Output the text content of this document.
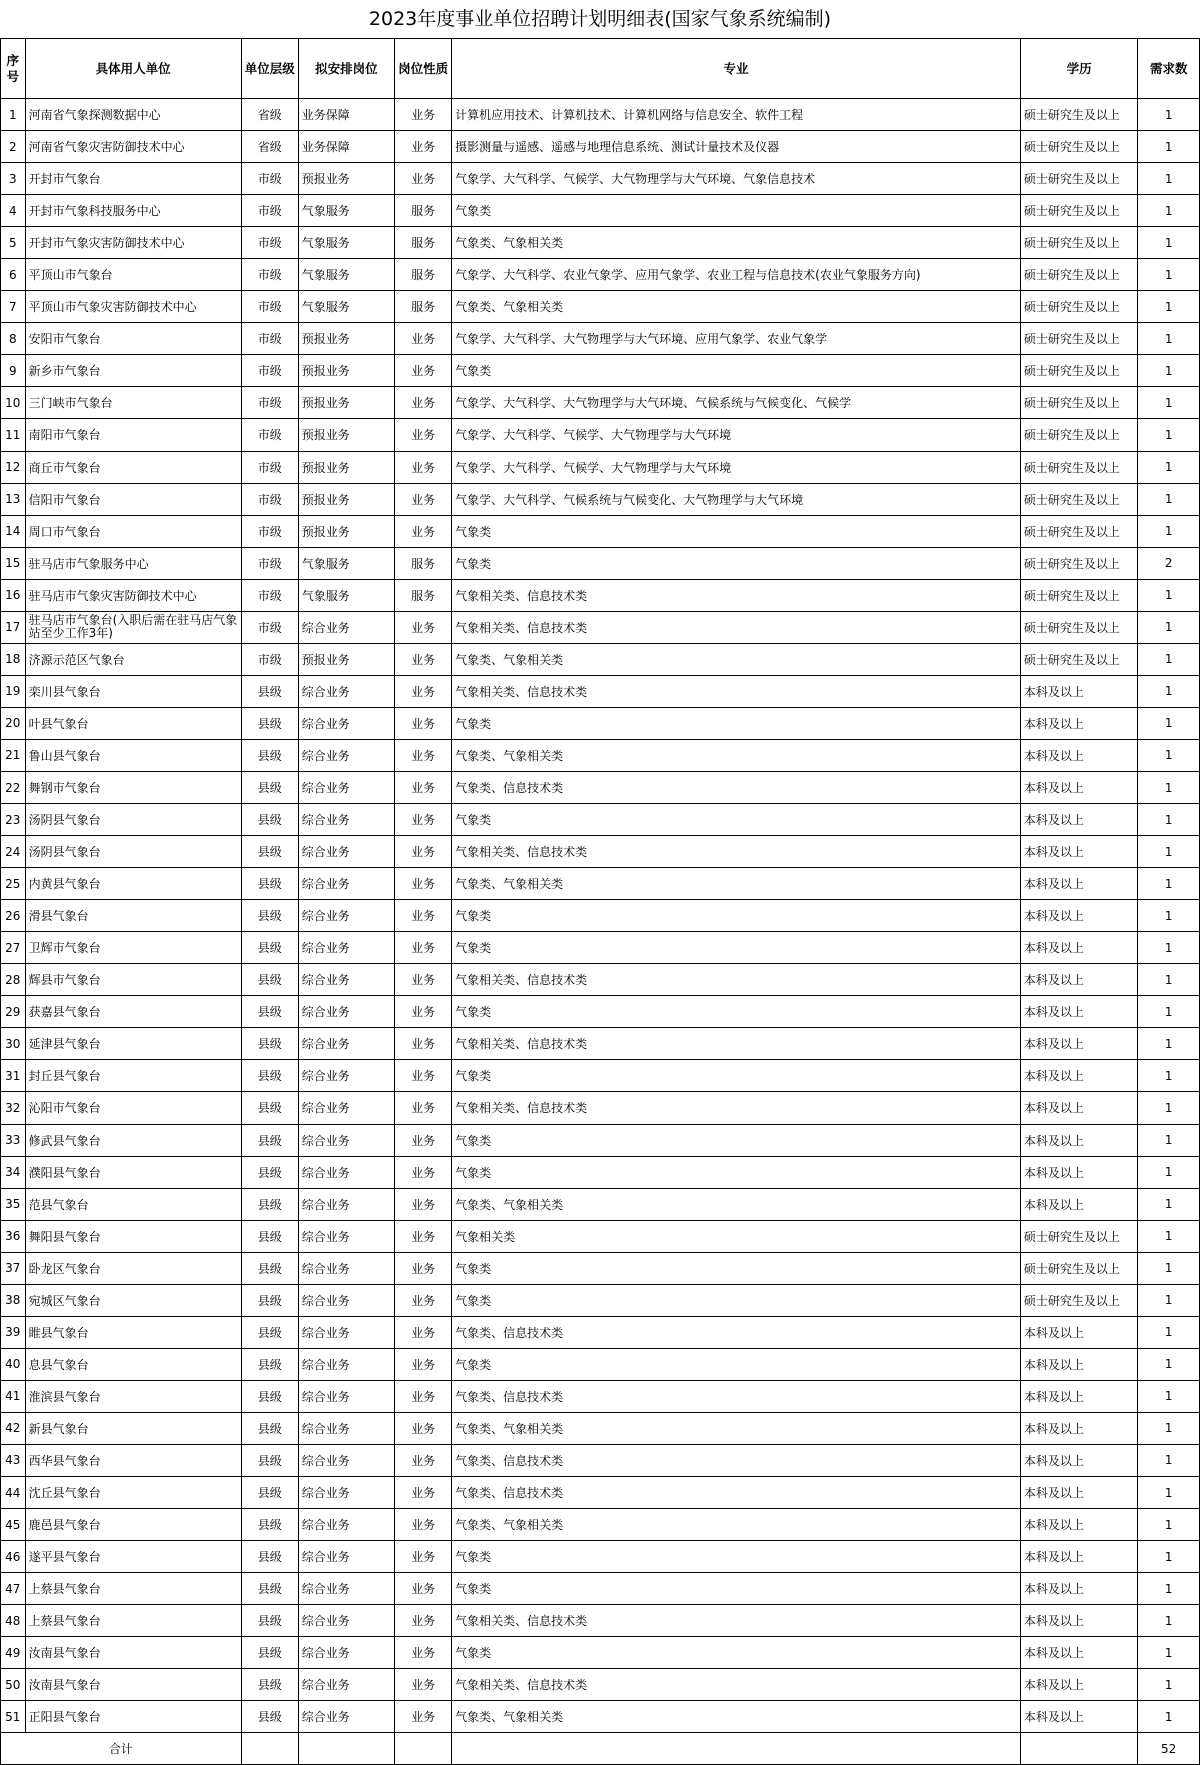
2023年度事业单位招聘计划明细表(国家气象系统编制)
序号	具体用人单位	单位层级	拟安排岗位	岗位性质	专业	学历	需求数
1	河南省气象探测数据中心	省级	业务保障	业务	计算机应用技术、计算机技术、计算机网络与信息安全、软件工程	硕士研究生及以上	1
2	河南省气象灾害防御技术中心	省级	业务保障	业务	摄影测量与遥感、遥感与地理信息系统、测试计量技术及仪器	硕士研究生及以上	1
3	开封市气象台	市级	预报业务	业务	气象学、大气科学、气候学、大气物理学与大气环境、气象信息技术	硕士研究生及以上	1
4	开封市气象科技服务中心	市级	气象服务	服务	气象类	硕士研究生及以上	1
5	开封市气象灾害防御技术中心	市级	气象服务	服务	气象类、气象相关类	硕士研究生及以上	1
6	平顶山市气象台	市级	气象服务	服务	气象学、大气科学、农业气象学、应用气象学、农业工程与信息技术(农业气象服务方向)	硕士研究生及以上	1
7	平顶山市气象灾害防御技术中心	市级	气象服务	服务	气象类、气象相关类	硕士研究生及以上	1
8	安阳市气象台	市级	预报业务	业务	气象学、大气科学、大气物理学与大气环境、应用气象学、农业气象学	硕士研究生及以上	1
9	新乡市气象台	市级	预报业务	业务	气象类	硕士研究生及以上	1
10	三门峡市气象台	市级	预报业务	业务	气象学、大气科学、大气物理学与大气环境、气候系统与气候变化、气候学	硕士研究生及以上	1
11	南阳市气象台	市级	预报业务	业务	气象学、大气科学、气候学、大气物理学与大气环境	硕士研究生及以上	1
12	商丘市气象台	市级	预报业务	业务	气象学、大气科学、气候学、大气物理学与大气环境	硕士研究生及以上	1
13	信阳市气象台	市级	预报业务	业务	气象学、大气科学、气候系统与气候变化、大气物理学与大气环境	硕士研究生及以上	1
14	周口市气象台	市级	预报业务	业务	气象类	硕士研究生及以上	1
15	驻马店市气象服务中心	市级	气象服务	服务	气象类	硕士研究生及以上	2
16	驻马店市气象灾害防御技术中心	市级	气象服务	服务	气象相关类、信息技术类	硕士研究生及以上	1
17	驻马店市气象台(入职后需在驻马店气象站至少工作3年)	市级	综合业务	业务	气象相关类、信息技术类	硕士研究生及以上	1
18	济源示范区气象台	市级	预报业务	业务	气象类、气象相关类	硕士研究生及以上	1
19	栾川县气象台	县级	综合业务	业务	气象相关类、信息技术类	本科及以上	1
20	叶县气象台	县级	综合业务	业务	气象类	本科及以上	1
21	鲁山县气象台	县级	综合业务	业务	气象类、气象相关类	本科及以上	1
22	舞钢市气象台	县级	综合业务	业务	气象类、信息技术类	本科及以上	1
23	汤阴县气象台	县级	综合业务	业务	气象类	本科及以上	1
24	汤阴县气象台	县级	综合业务	业务	气象相关类、信息技术类	本科及以上	1
25	内黄县气象台	县级	综合业务	业务	气象类、气象相关类	本科及以上	1
26	滑县气象台	县级	综合业务	业务	气象类	本科及以上	1
27	卫辉市气象台	县级	综合业务	业务	气象类	本科及以上	1
28	辉县市气象台	县级	综合业务	业务	气象相关类、信息技术类	本科及以上	1
29	获嘉县气象台	县级	综合业务	业务	气象类	本科及以上	1
30	延津县气象台	县级	综合业务	业务	气象相关类、信息技术类	本科及以上	1
31	封丘县气象台	县级	综合业务	业务	气象类	本科及以上	1
32	沁阳市气象台	县级	综合业务	业务	气象相关类、信息技术类	本科及以上	1
33	修武县气象台	县级	综合业务	业务	气象类	本科及以上	1
34	濮阳县气象台	县级	综合业务	业务	气象类	本科及以上	1
35	范县气象台	县级	综合业务	业务	气象类、气象相关类	本科及以上	1
36	舞阳县气象台	县级	综合业务	业务	气象相关类	硕士研究生及以上	1
37	卧龙区气象台	县级	综合业务	业务	气象类	硕士研究生及以上	1
38	宛城区气象台	县级	综合业务	业务	气象类	硕士研究生及以上	1
39	睢县气象台	县级	综合业务	业务	气象类、信息技术类	本科及以上	1
40	息县气象台	县级	综合业务	业务	气象类	本科及以上	1
41	淮滨县气象台	县级	综合业务	业务	气象类、信息技术类	本科及以上	1
42	新县气象台	县级	综合业务	业务	气象类、气象相关类	本科及以上	1
43	西华县气象台	县级	综合业务	业务	气象类、信息技术类	本科及以上	1
44	沈丘县气象台	县级	综合业务	业务	气象类、信息技术类	本科及以上	1
45	鹿邑县气象台	县级	综合业务	业务	气象类、气象相关类	本科及以上	1
46	遂平县气象台	县级	综合业务	业务	气象类	本科及以上	1
47	上蔡县气象台	县级	综合业务	业务	气象类	本科及以上	1
48	上蔡县气象台	县级	综合业务	业务	气象相关类、信息技术类	本科及以上	1
49	汝南县气象台	县级	综合业务	业务	气象类	本科及以上	1
50	汝南县气象台	县级	综合业务	业务	气象相关类、信息技术类	本科及以上	1
51	正阳县气象台	县级	综合业务	业务	气象类、气象相关类	本科及以上	1
合计							52
